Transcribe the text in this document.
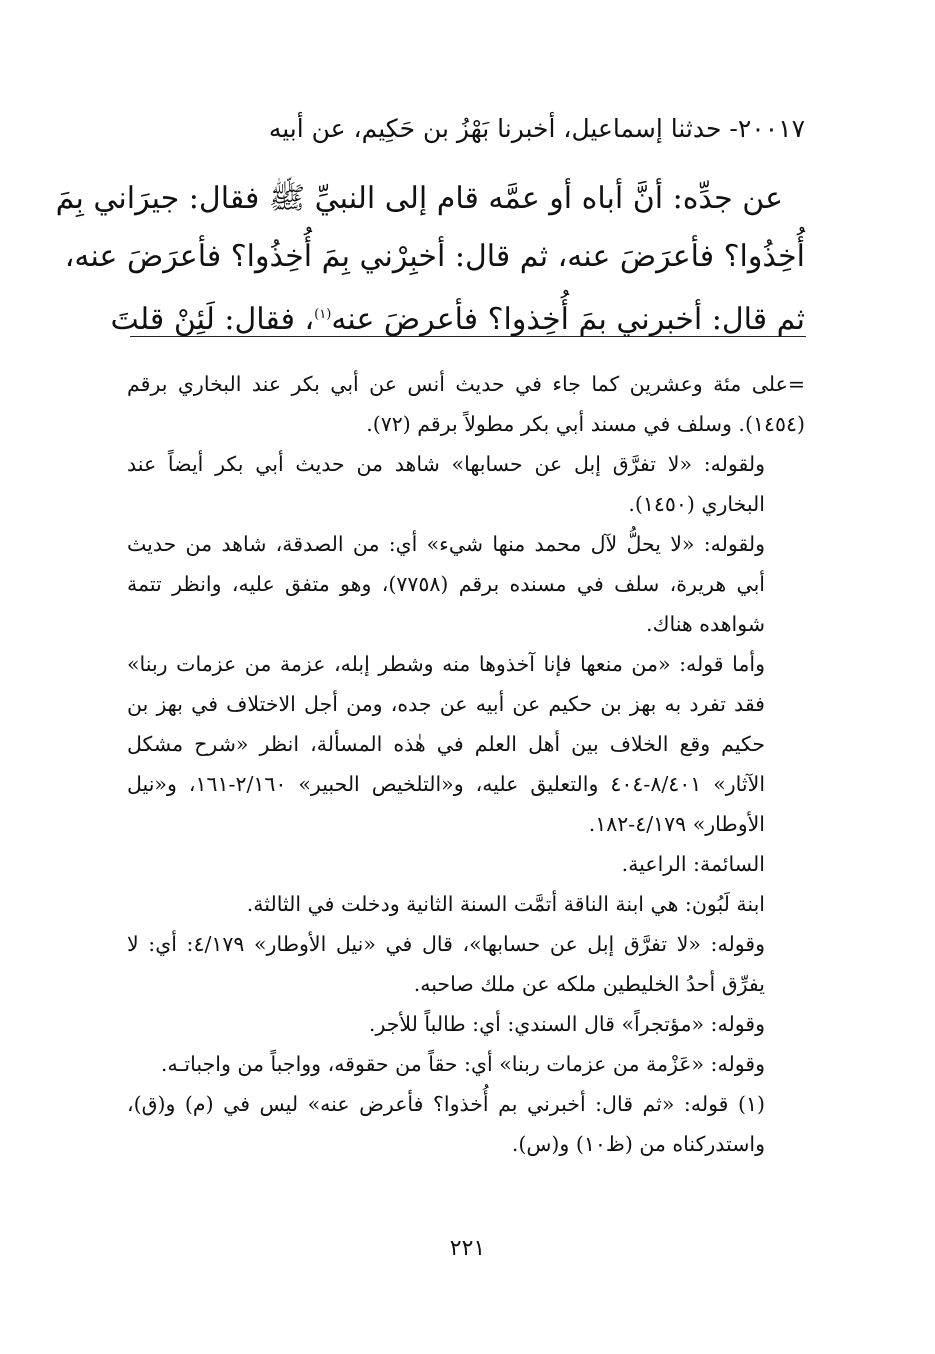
٢٠٠١٧- حدثنا إسماعيل، أخبرنا بَهْزُ بن حَكِيم، عن أبيه
عن جدِّه: أنَّ أباه أو عمَّه قام إلى النبيِّ ﷺ فقال: جيرَاني بِمَ
أُخِذُوا؟ فأعرَضَ عنه، ثم قال: أخبِرْني بِمَ أُخِذُوا؟ فأعرَضَ عنه،
ثم قال: أخبرني بمَ أُخِذوا؟ فأعرضَ عنه$^{(١)}$، فقال: لَئِنْ قلتَ

=على مئة وعشرين كما جاء في حديث أنس عن أبي بكر عند البخاري برقم (١٤٥٤). وسلف في مسند أبي بكر مطولاً برقم (٧٢).

ولقوله: «لا تفرَّق إبل عن حسابها» شاهد من حديث أبي بكر أيضاً عند البخاري (١٤٥٠).

ولقوله: «لا يحلُّ لآل محمد منها شيء» أي: من الصدقة، شاهد من حديث أبي هريرة، سلف في مسنده برقم (٧٧٥٨)، وهو متفق عليه، وانظر تتمة شواهده هناك.

وأما قوله: «من منعها فإنا آخذوها منه وشطر إبله، عزمة من عزمات ربنا» فقد تفرد به بهز بن حكيم عن أبيه عن جده، ومن أجل الاختلاف في بهز بن حكيم وقع الخلاف بين أهل العلم في هٰذه المسألة، انظر «شرح مشكل الآثار» ٨/٤٠١-٤٠٤ والتعليق عليه، و«التلخيص الحبير» ٢/١٦٠-١٦١، و«نيل الأوطار» ٤/١٧٩-١٨٢.

السائمة: الراعية.

ابنة لَبُون: هي ابنة الناقة أتمَّت السنة الثانية ودخلت في الثالثة.

وقوله: «لا تفرَّق إبل عن حسابها»، قال في «نيل الأوطار» ٤/١٧٩: أي: لا يفرِّق أحدُ الخليطين ملكه عن ملك صاحبه.

وقوله: «مؤتجراً» قال السندي: أي: طالباً للأجر.

وقوله: «عَزْمة من عزمات ربنا» أي: حقاً من حقوقه، وواجباً من واجباتـه.

(١) قوله: «ثم قال: أخبرني بم أُخذوا؟ فأعرض عنه» ليس في (م) و(ق)، واستدركناه من (ظ١٠) و(س).

٢٢١
